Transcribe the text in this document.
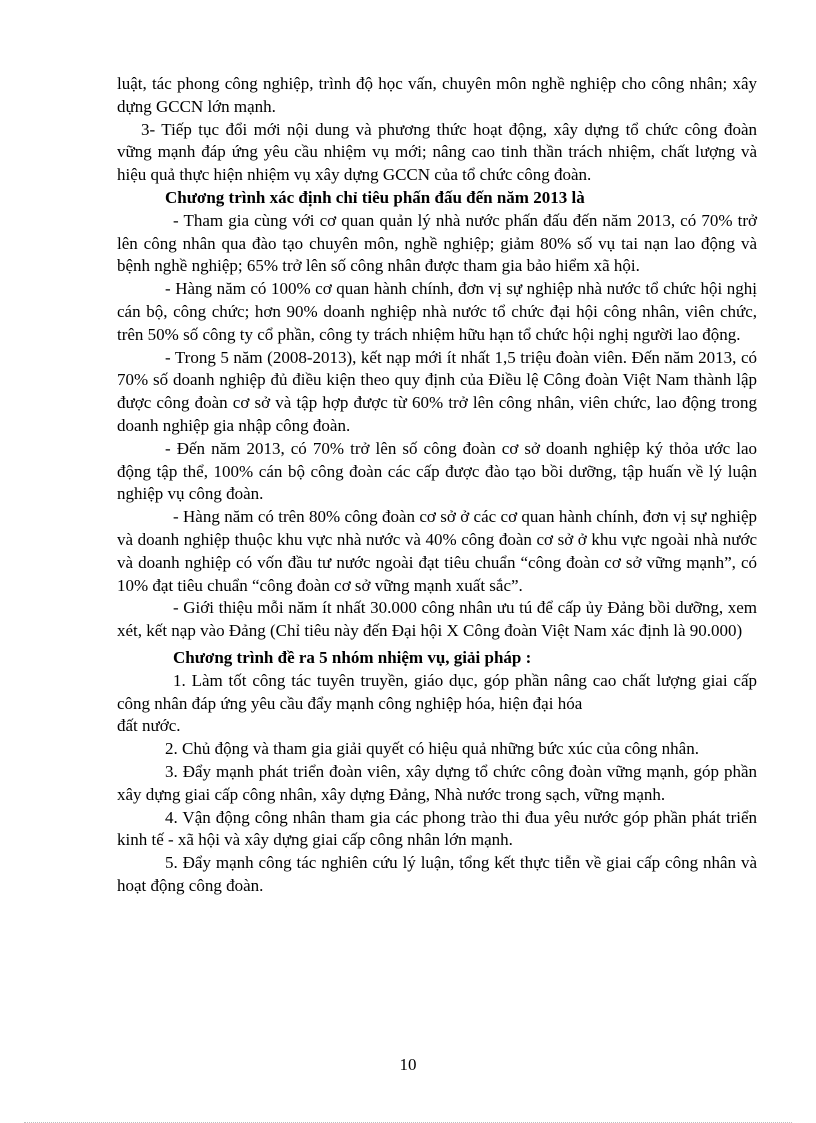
luật, tác phong công nghiệp, trình độ học vấn, chuyên môn nghề nghiệp cho công nhân; xây dựng GCCN lớn mạnh.

3- Tiếp tục đổi mới nội dung và phương thức hoạt động, xây dựng tổ chức công đoàn vững mạnh đáp ứng yêu cầu nhiệm vụ mới; nâng cao tinh thần trách nhiệm, chất lượng và hiệu quả thực hiện nhiệm vụ xây dựng GCCN của tổ chức công đoàn.

Chương trình xác định chỉ tiêu phấn đấu đến năm 2013 là

- Tham gia cùng với cơ quan quản lý nhà nước phấn đấu đến năm 2013, có 70% trở lên công nhân qua đào tạo chuyên môn, nghề nghiệp; giảm 80% số vụ tai nạn lao động và bệnh nghề nghiệp; 65% trở lên số công nhân được tham gia bảo hiểm xã hội.

- Hàng năm có 100% cơ quan hành chính, đơn vị sự nghiệp nhà nước tổ chức hội nghị cán bộ, công chức; hơn 90% doanh nghiệp nhà nước tổ chức đại hội công nhân, viên chức, trên 50% số công ty cổ phần, công ty trách nhiệm hữu hạn tổ chức hội nghị người lao động.

- Trong 5 năm (2008-2013), kết nạp mới ít nhất 1,5 triệu đoàn viên. Đến năm 2013, có 70% số doanh nghiệp đủ điều kiện theo quy định của Điều lệ Công đoàn Việt Nam thành lập được công đoàn cơ sở và tập hợp được từ 60% trở lên công nhân, viên chức, lao động trong doanh nghiệp gia nhập công đoàn.

- Đến năm 2013, có 70% trở lên số công đoàn cơ sở doanh nghiệp ký thỏa ước lao động tập thể, 100% cán bộ công đoàn các cấp được đào tạo bồi dưỡng, tập huấn về lý luận nghiệp vụ công đoàn.

- Hàng năm có trên 80% công đoàn cơ sở ở các cơ quan hành chính, đơn vị sự nghiệp và doanh nghiệp thuộc khu vực nhà nước và 40% công đoàn cơ sở ở khu vực ngoài nhà nước và doanh nghiệp có vốn đầu tư nước ngoài đạt tiêu chuẩn “công đoàn cơ sở vững mạnh”, có 10% đạt tiêu chuẩn “công đoàn cơ sở vững mạnh xuất sắc”.

- Giới thiệu mỗi năm ít nhất 30.000 công nhân ưu tú để cấp ủy Đảng bồi dưỡng, xem xét, kết nạp vào Đảng (Chỉ tiêu này đến Đại hội X Công đoàn Việt Nam xác định là 90.000)

Chương trình đề ra 5 nhóm nhiệm vụ, giải pháp :

1. Làm tốt công tác tuyên truyền, giáo dục, góp phần nâng cao chất lượng giai cấp công nhân đáp ứng yêu cầu đẩy mạnh công nghiệp hóa, hiện đại hóa

đất nước.

2. Chủ động và tham gia giải quyết có hiệu quả những bức xúc của công nhân.

3. Đẩy mạnh phát triển đoàn viên, xây dựng tổ chức công đoàn vững mạnh, góp phần xây dựng giai cấp công nhân, xây dựng Đảng, Nhà nước trong sạch, vững mạnh.

4. Vận động công nhân tham gia các phong trào thi đua yêu nước góp phần phát triển kinh tế - xã hội và xây dựng giai cấp công nhân lớn mạnh.

5. Đẩy mạnh công tác nghiên cứu lý luận, tổng kết thực tiễn về giai cấp công nhân và hoạt động công đoàn.

10
